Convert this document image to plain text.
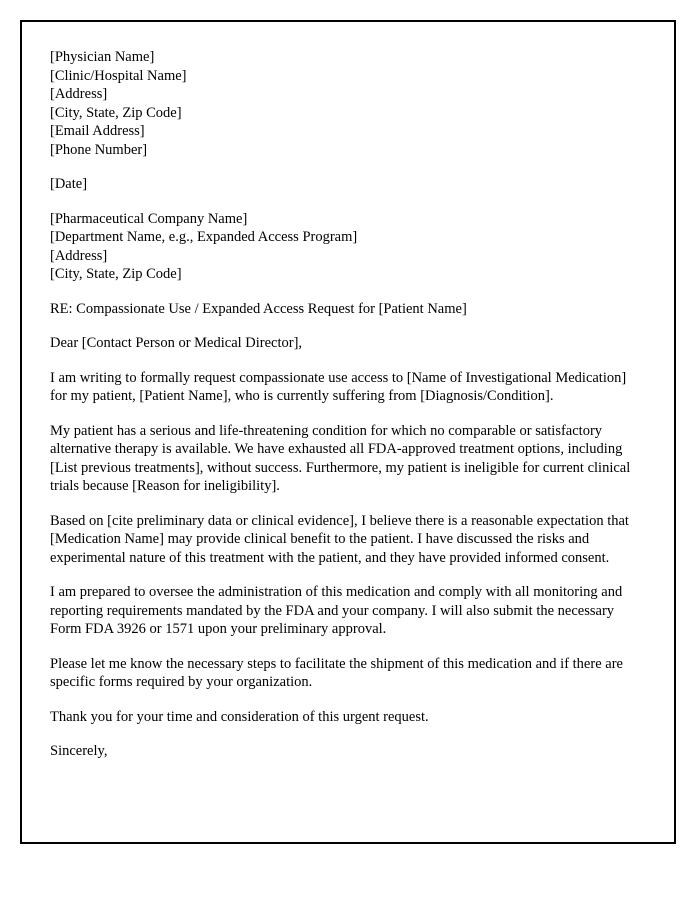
[Physician Name]
[Clinic/Hospital Name]
[Address]
[City, State, Zip Code]
[Email Address]
[Phone Number]
[Date]
[Pharmaceutical Company Name]
[Department Name, e.g., Expanded Access Program]
[Address]
[City, State, Zip Code]

RE: Compassionate Use / Expanded Access Request for [Patient Name]

Dear [Contact Person or Medical Director],

I am writing to formally request compassionate use access to [Name of Investigational Medication] for my patient, [Patient Name], who is currently suffering from [Diagnosis/Condition].

My patient has a serious and life-threatening condition for which no comparable or satisfactory alternative therapy is available. We have exhausted all FDA-approved treatment options, including [List previous treatments], without success. Furthermore, my patient is ineligible for current clinical trials because [Reason for ineligibility].

Based on [cite preliminary data or clinical evidence], I believe there is a reasonable expectation that [Medication Name] may provide clinical benefit to the patient. I have discussed the risks and experimental nature of this treatment with the patient, and they have provided informed consent.

I am prepared to oversee the administration of this medication and comply with all monitoring and reporting requirements mandated by the FDA and your company. I will also submit the necessary Form FDA 3926 or 1571 upon your preliminary approval.

Please let me know the necessary steps to facilitate the shipment of this medication and if there are specific forms required by your organization.

Thank you for your time and consideration of this urgent request.

Sincerely,
